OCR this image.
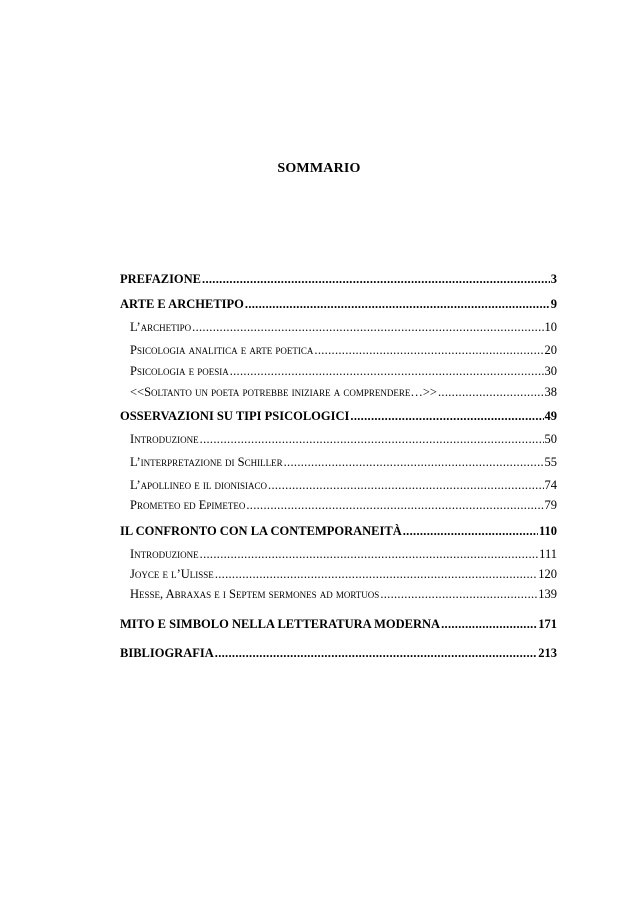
SOMMARIO
PREFAZIONE .....	3
ARTE E ARCHETIPO .....	9
L’archetipo .....	10
Psicologia analitica e arte poetica .....	20
Psicologia e poesia .....	30
<<Soltanto un poeta potrebbe iniziare a comprendere…>> .....	38
OSSERVAZIONI SU TIPI PSICOLOGICI .....	49
Introduzione .....	50
L’interpretazione di Schiller .....	55
L’apollineo e il dionisiaco .....	74
Prometeo ed Epimeteo .....	79
IL CONFRONTO CON LA CONTEMPORANEITÀ .....	110
Introduzione .....	111
Joyce e l’Ulisse .....	120
Hesse, Abraxas e i Septem sermones ad mortuos .....	139
MITO E SIMBOLO NELLA LETTERATURA MODERNA .....	171
BIBLIOGRAFIA .....	213
